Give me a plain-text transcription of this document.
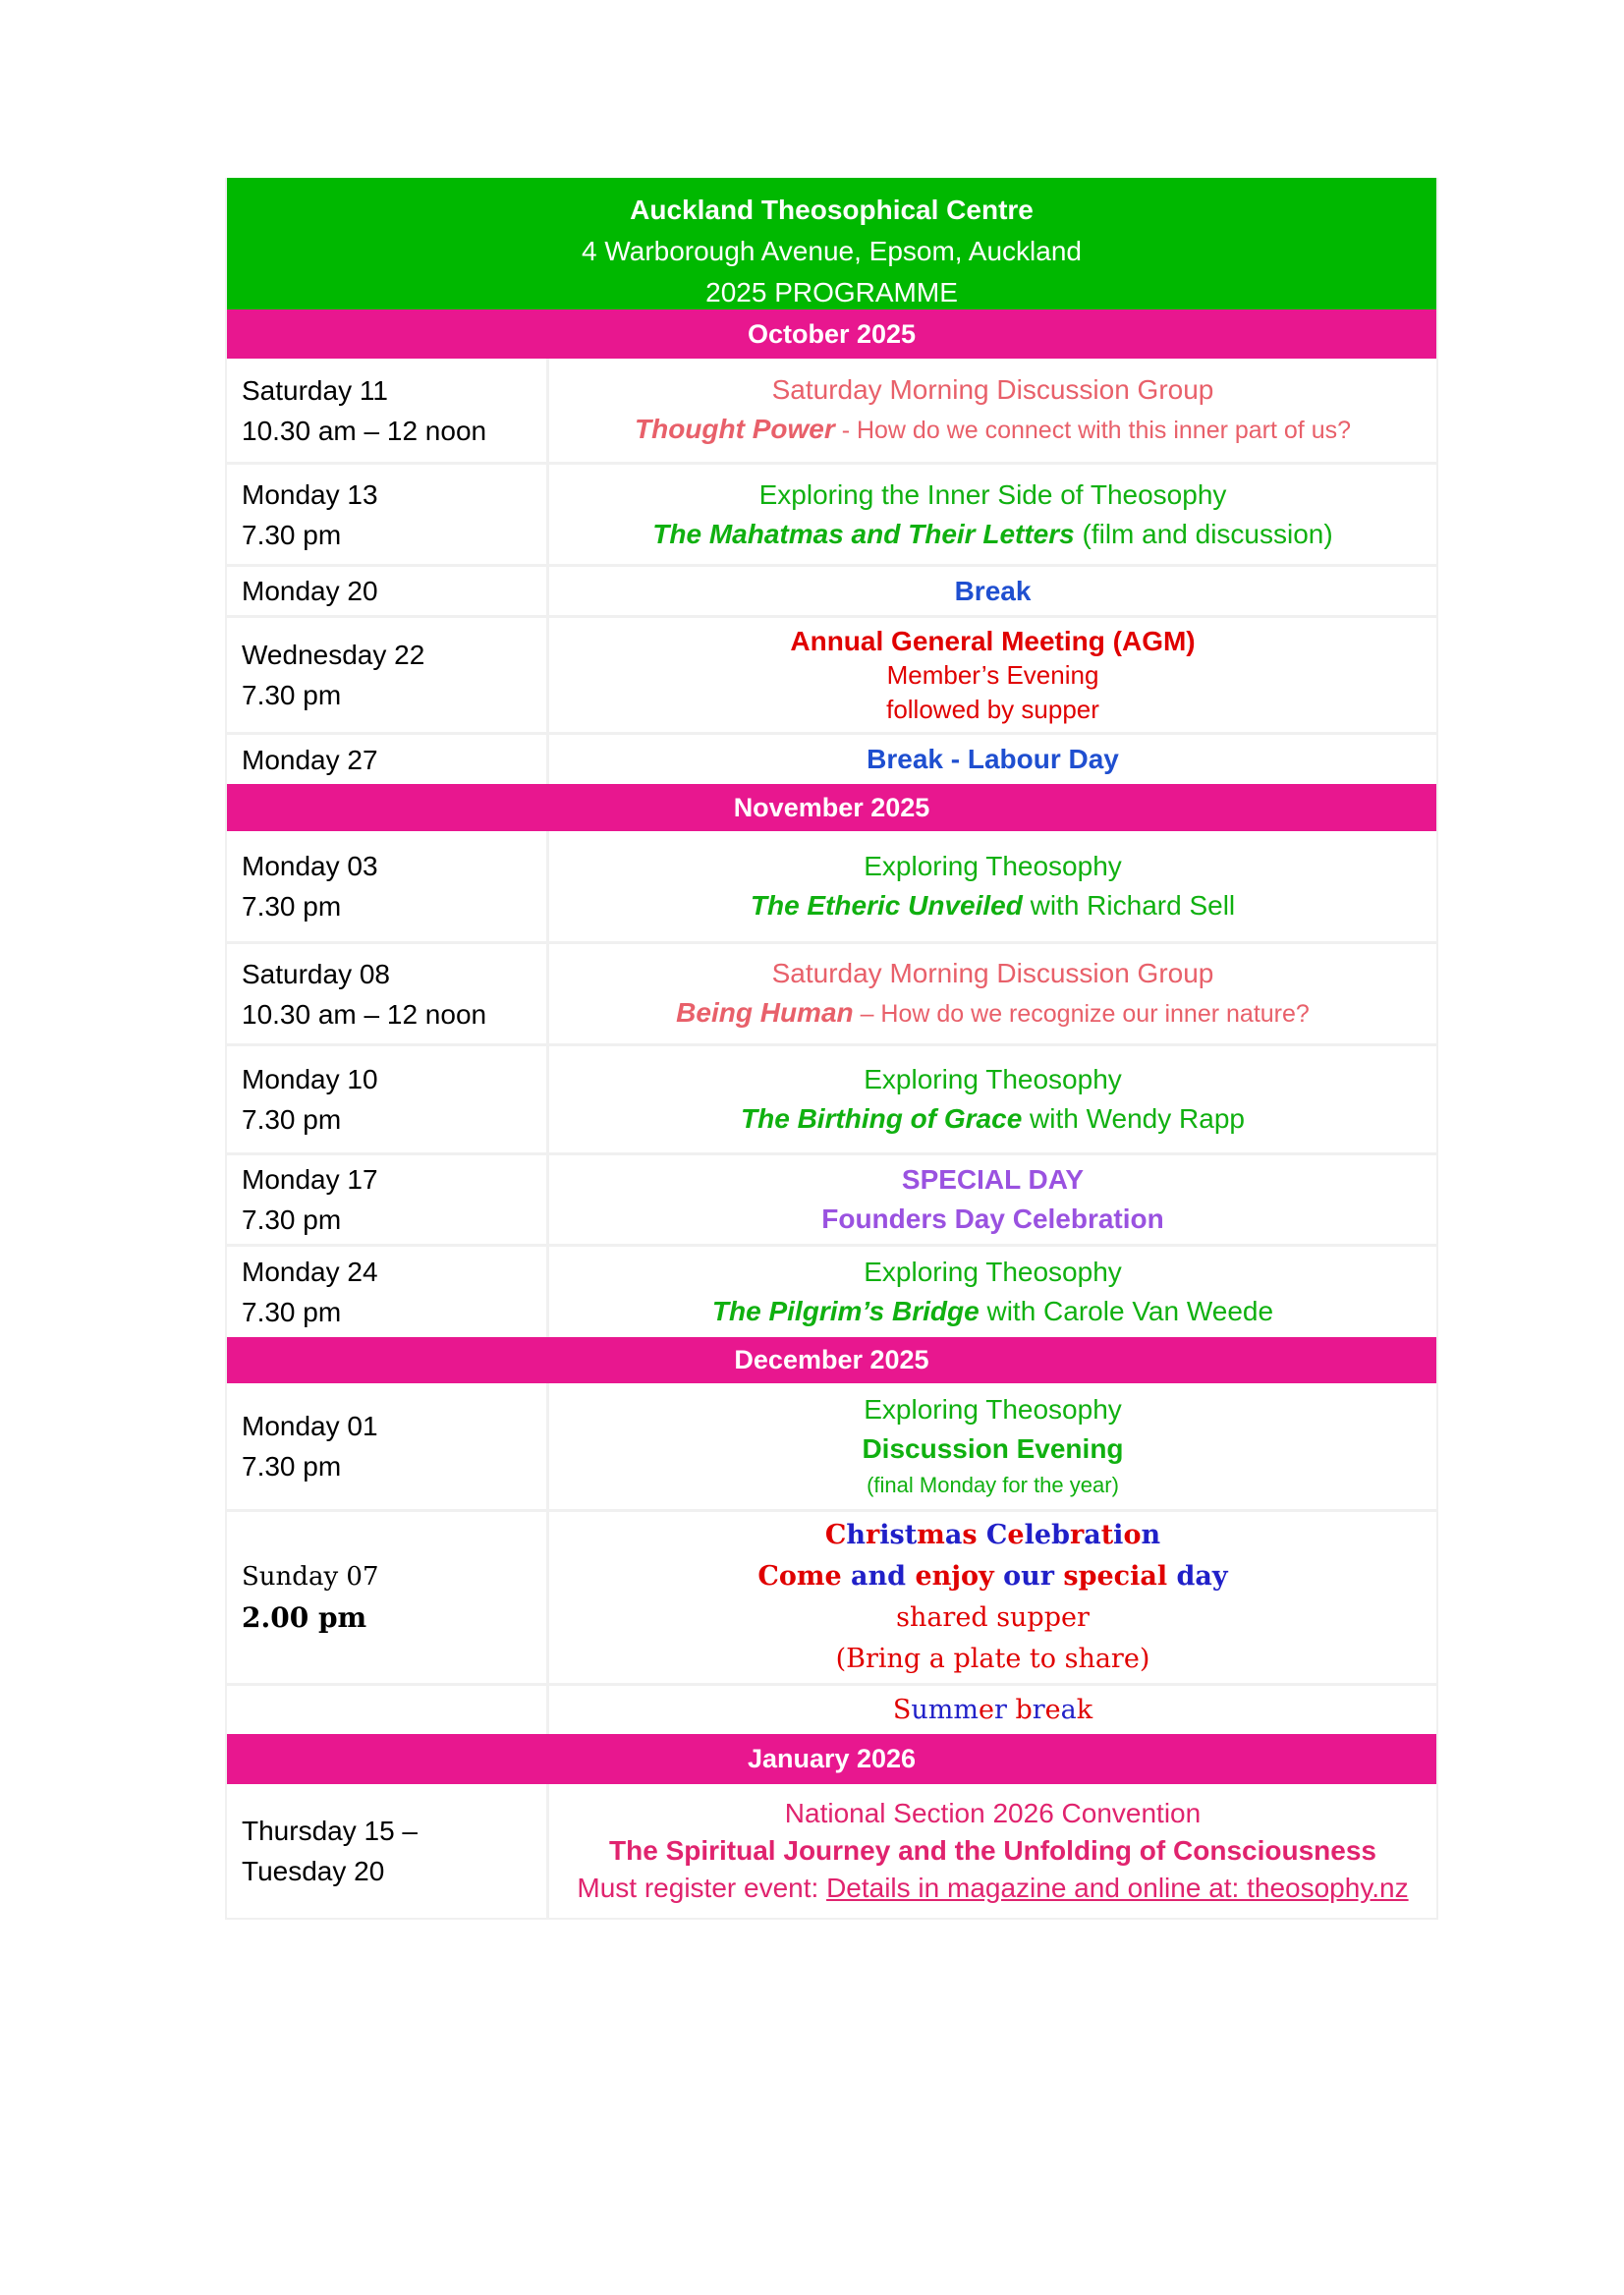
Auckland Theosophical Centre
4 Warborough Avenue, Epsom, Auckland
2025 PROGRAMME
October 2025
Saturday 11
10.30 am – 12 noon
Saturday Morning Discussion Group
Thought Power - How do we connect with this inner part of us?
Monday 13
7.30 pm
Exploring the Inner Side of Theosophy
The Mahatmas and Their Letters (film and discussion)
Monday 20	Break
Wednesday 22
7.30 pm
Annual General Meeting (AGM)
Member’s Evening
followed by supper
Monday 27	Break - Labour Day
November 2025
Monday 03
7.30 pm
Exploring Theosophy
The Etheric Unveiled with Richard Sell
Saturday 08
10.30 am – 12 noon
Saturday Morning Discussion Group
Being Human – How do we recognize our inner nature?
Monday 10
7.30 pm
Exploring Theosophy
The Birthing of Grace with Wendy Rapp
Monday 17
7.30 pm
SPECIAL DAY
Founders Day Celebration
Monday 24
7.30 pm
Exploring Theosophy
The Pilgrim’s Bridge with Carole Van Weede
December 2025
Monday 01
7.30 pm
Exploring Theosophy
Discussion Evening
(final Monday for the year)
Sunday 07
2.00 pm
Christmas Celebration
Come and enjoy our special day
shared supper
(Bring a plate to share)
Summer break
January 2026
Thursday 15 –
Tuesday 20
National Section 2026 Convention
The Spiritual Journey and the Unfolding of Consciousness
Must register event: Details in magazine and online at: theosophy.nz
